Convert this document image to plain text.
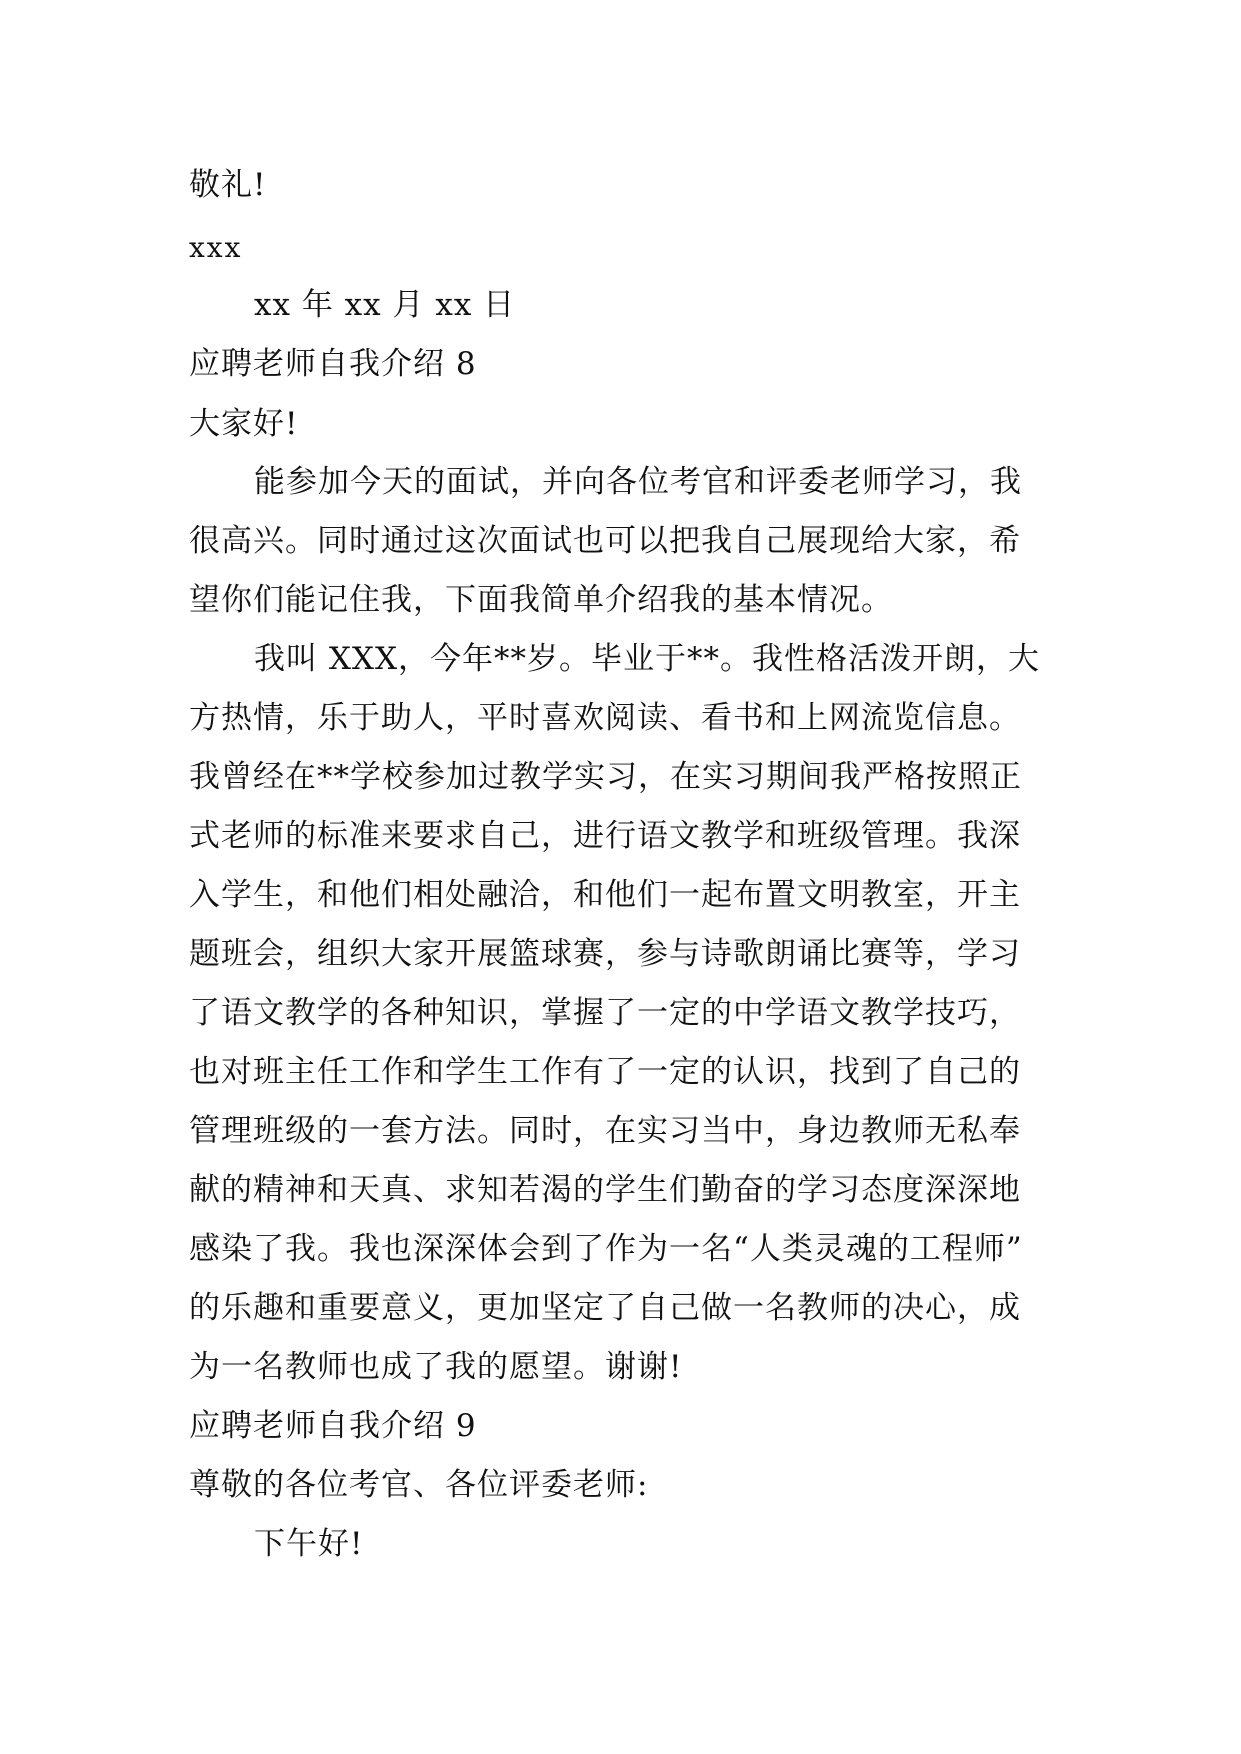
敬礼!
xxx
xx 年 xx 月 xx 日
应聘老师自我介绍 8
大家好!
能参加今天的面试，并向各位考官和评委老师学习，我
很高兴。同时通过这次面试也可以把我自己展现给大家，希
望你们能记住我，下面我简单介绍我的基本情况。
我叫 XXX，今年**岁。毕业于**。我性格活泼开朗，大
方热情，乐于助人，平时喜欢阅读、看书和上网流览信息。
我曾经在**学校参加过教学实习，在实习期间我严格按照正
式老师的标准来要求自己，进行语文教学和班级管理。我深
入学生，和他们相处融洽，和他们一起布置文明教室，开主
题班会，组织大家开展篮球赛，参与诗歌朗诵比赛等，学习
了语文教学的各种知识，掌握了一定的中学语文教学技巧，
也对班主任工作和学生工作有了一定的认识，找到了自己的
管理班级的一套方法。同时，在实习当中，身边教师无私奉
献的精神和天真、求知若渴的学生们勤奋的学习态度深深地
感染了我。我也深深体会到了作为一名“人类灵魂的工程师”
的乐趣和重要意义，更加坚定了自己做一名教师的决心，成
为一名教师也成了我的愿望。谢谢!
应聘老师自我介绍 9
尊敬的各位考官、各位评委老师:
下午好!
